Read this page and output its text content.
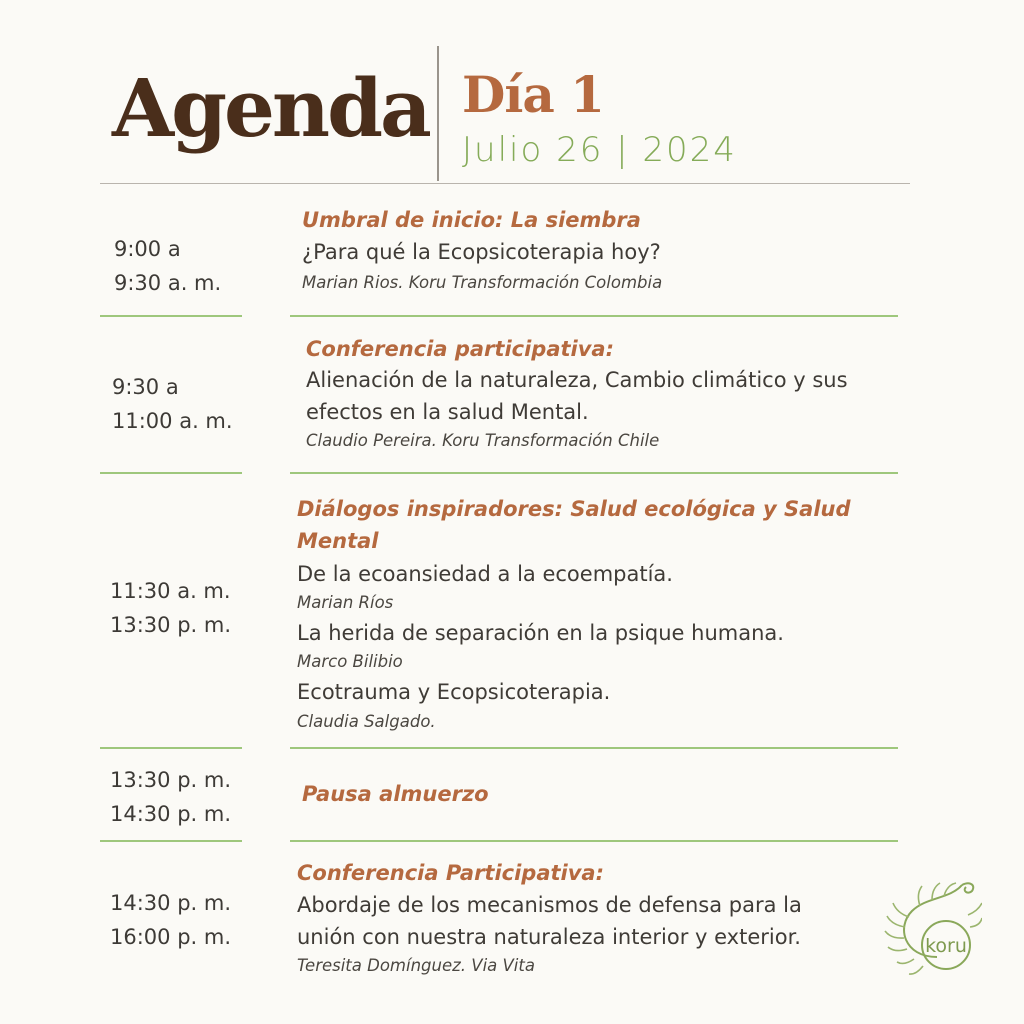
Agenda Día 1
Julio 26 | 2024
9:00 a
9:30 a. m.
Umbral de inicio: La siembra
¿Para qué la Ecopsicoterapia hoy?
Marian Rios. Koru Transformación Colombia
9:30 a
11:00 a. m.
Conferencia participativa:
Alienación de la naturaleza, Cambio climático y sus
efectos en la salud Mental.
Claudio Pereira. Koru Transformación Chile
11:30 a. m.
13:30 p. m.
Diálogos inspiradores: Salud ecológica y Salud
Mental
De la ecoansiedad a la ecoempatía.
Marian Ríos
La herida de separación en la psique humana.
Marco Bilibio
Ecotrauma y Ecopsicoterapia.
Claudia Salgado.
13:30 p. m.
14:30 p. m.
Pausa almuerzo
14:30 p. m.
16:00 p. m.
Conferencia Participativa:
Abordaje de los mecanismos de defensa para la
unión con nuestra naturaleza interior y exterior.
Teresita Domínguez. Via Vita
koru
